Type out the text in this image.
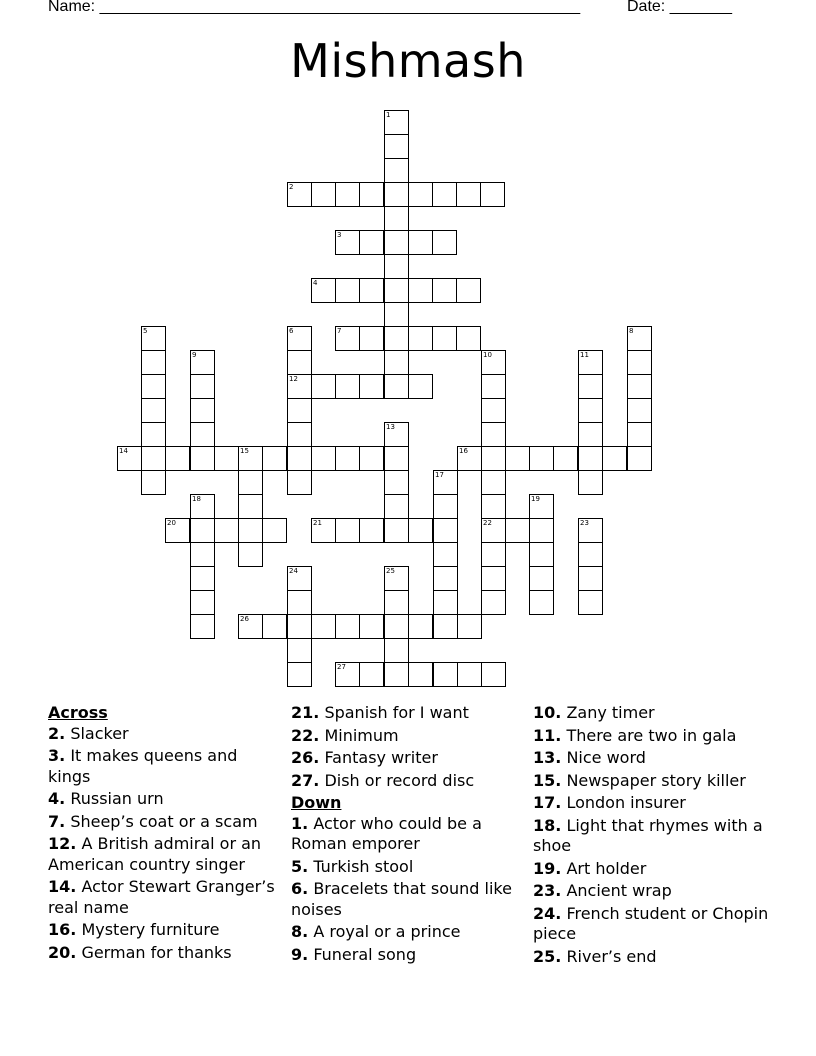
Name: ______________________________________________________	Date: _______
Mishmash
1
2
3
4
5	6	7	8
9	10	11
12
13
14	15	16
17
18	19
20	21	22	23
24	25
26
27
Across
2. Slacker
3. It makes queens and kings
4. Russian urn
7. Sheep’s coat or a scam
12. A British admiral or an American country singer
14. Actor Stewart Granger’s real name
16. Mystery furniture
20. German for thanks
21. Spanish for I want
22. Minimum
26. Fantasy writer
27. Dish or record disc
Down
1. Actor who could be a Roman emporer
5. Turkish stool
6. Bracelets that sound like noises
8. A royal or a prince
9. Funeral song
10. Zany timer
11. There are two in gala
13. Nice word
15. Newspaper story killer
17. London insurer
18. Light that rhymes with a shoe
19. Art holder
23. Ancient wrap
24. French student or Chopin piece
25. River’s end
